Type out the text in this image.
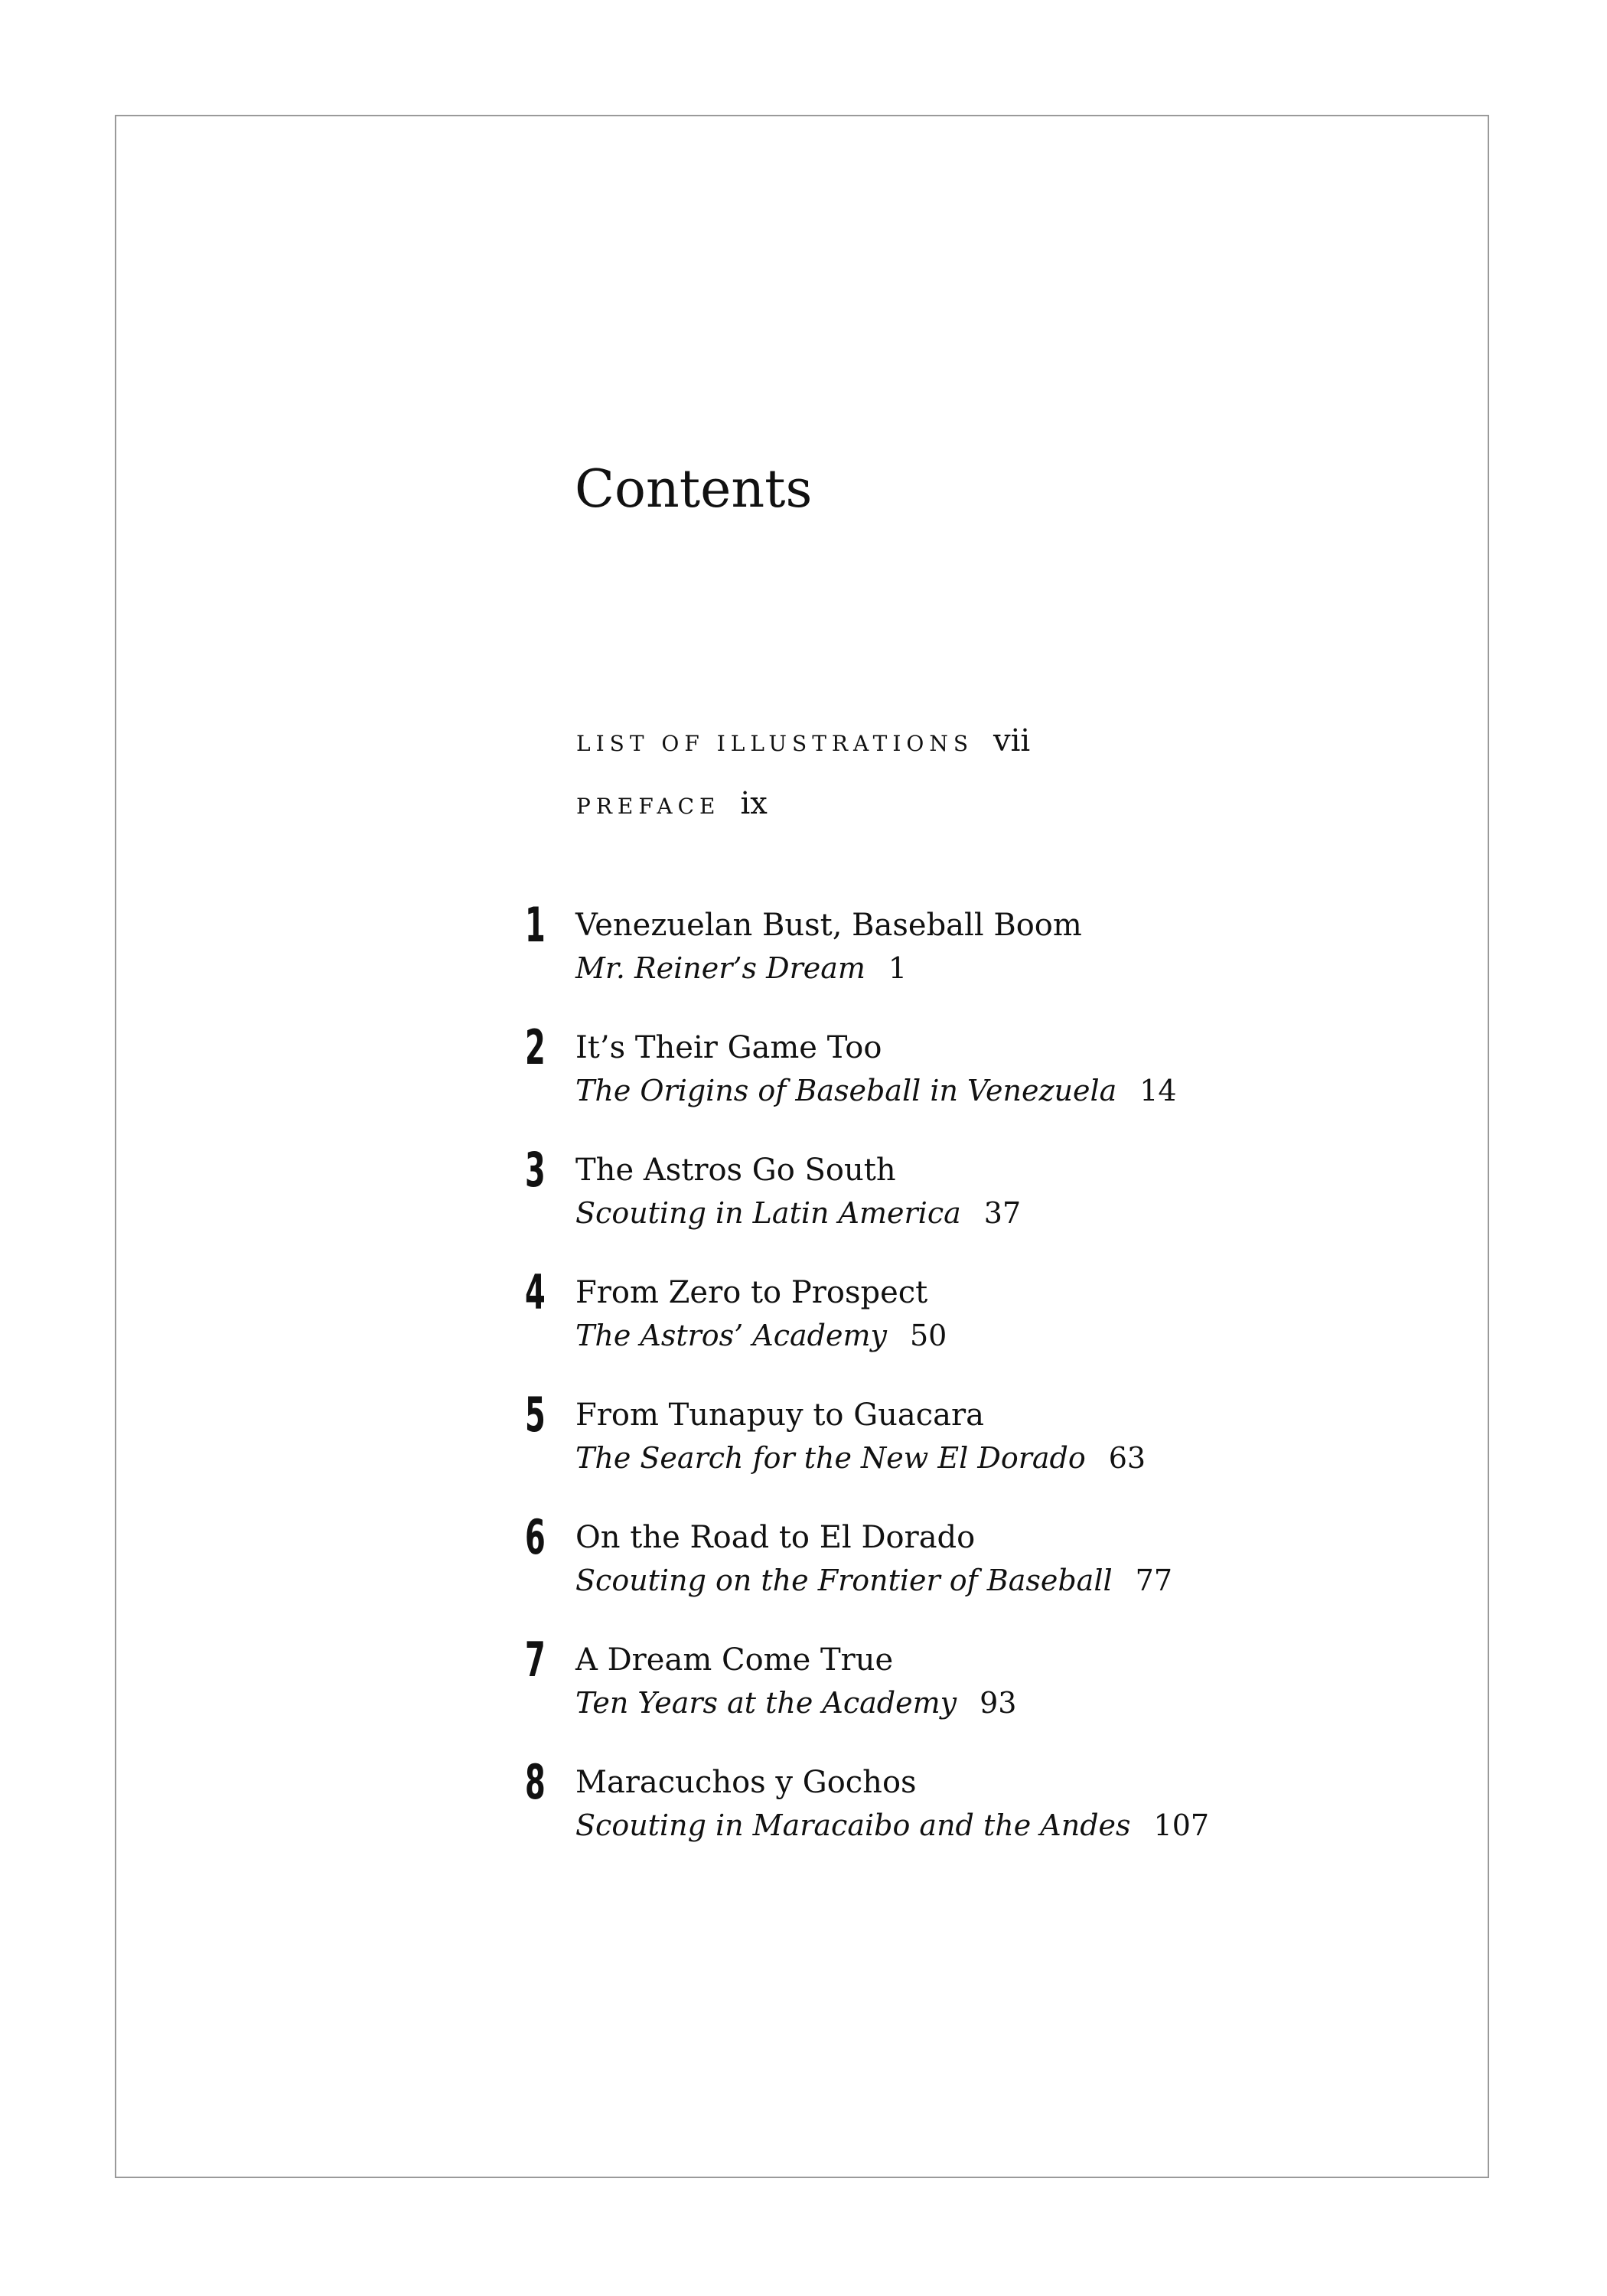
Contents
LIST OF ILLUSTRATIONS vii
PREFACE ix
1 Venezuelan Bust, Baseball Boom
Mr. Reiner’s Dream 1
2 It’s Their Game Too
The Origins of Baseball in Venezuela 14
3 The Astros Go South
Scouting in Latin America 37
4 From Zero to Prospect
The Astros’ Academy 50
5 From Tunapuy to Guacara
The Search for the New El Dorado 63
6 On the Road to El Dorado
Scouting on the Frontier of Baseball 77
7 A Dream Come True
Ten Years at the Academy 93
8 Maracuchos y Gochos
Scouting in Maracaibo and the Andes 107
